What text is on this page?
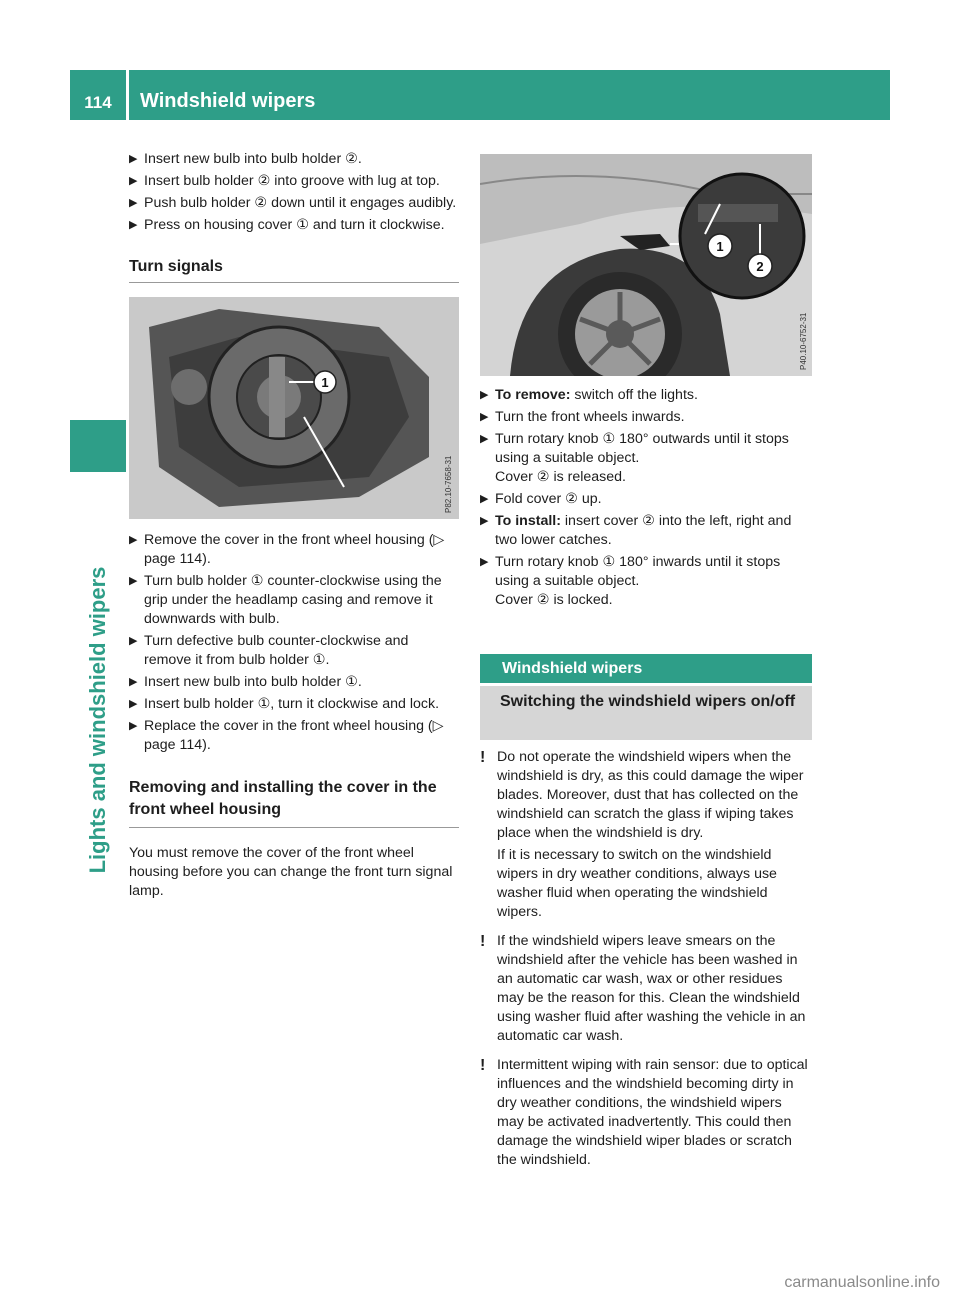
114	Windshield wipers
Lights and windshield wipers
▶ Insert new bulb into bulb holder ②.
▶ Insert bulb holder ② into groove with lug at top.
▶ Push bulb holder ② down until it engages audibly.
▶ Press on housing cover ① and turn it clockwise.
Turn signals
1
P82.10-7658-31
▶ Remove the cover in the front wheel housing (▷ page 114).
▶ Turn bulb holder ① counter-clockwise using the grip under the headlamp casing and remove it downwards with bulb.
▶ Turn defective bulb counter-clockwise and remove it from bulb holder ①.
▶ Insert new bulb into bulb holder ①.
▶ Insert bulb holder ①, turn it clockwise and lock.
▶ Replace the cover in the front wheel housing (▷ page 114).
Removing and installing the cover in the front wheel housing
You must remove the cover of the front wheel housing before you can change the front turn signal lamp.
1
2
P40.10-6752-31
▶ To remove: switch off the lights.
▶ Turn the front wheels inwards.
▶ Turn rotary knob ① 180° outwards until it stops using a suitable object.
Cover ② is released.
▶ Fold cover ② up.
▶ To install: insert cover ② into the left, right and two lower catches.
▶ Turn rotary knob ① 180° inwards until it stops using a suitable object.
Cover ② is locked.
Windshield wipers
Switching the windshield wipers on/off
! Do not operate the windshield wipers when the windshield is dry, as this could damage the wiper blades. Moreover, dust that has collected on the windshield can scratch the glass if wiping takes place when the windshield is dry.

If it is necessary to switch on the windshield wipers in dry weather conditions, always use washer fluid when operating the windshield wipers.

! If the windshield wipers leave smears on the windshield after the vehicle has been washed in an automatic car wash, wax or other residues may be the reason for this. Clean the windshield using washer fluid after washing the vehicle in an automatic car wash.

! Intermittent wiping with rain sensor: due to optical influences and the windshield becoming dirty in dry weather conditions, the windshield wipers may be activated inadvertently. This could then damage the windshield wiper blades or scratch the windshield.

carmanualsonline.info
